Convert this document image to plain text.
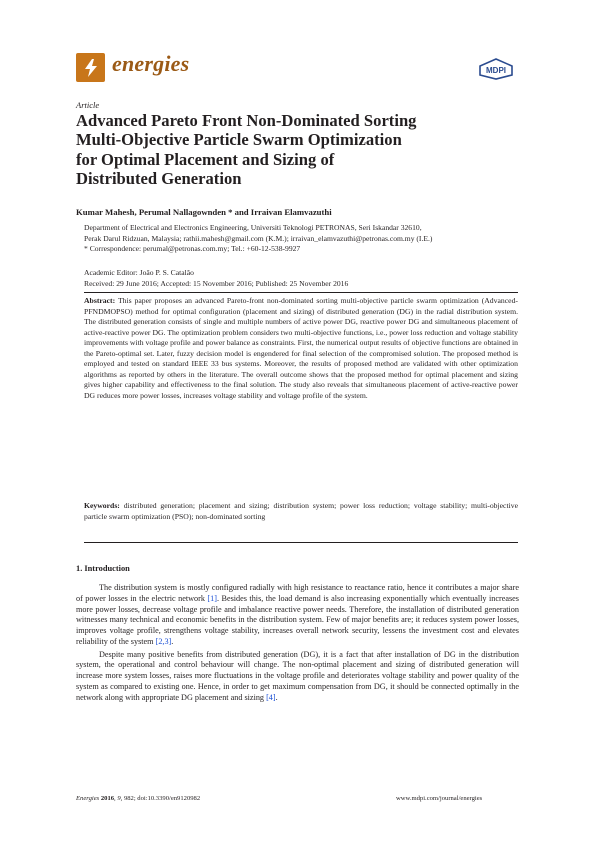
energies	MDPI
Article
Advanced Pareto Front Non-Dominated Sorting
Multi-Objective Particle Swarm Optimization
for Optimal Placement and Sizing of
Distributed Generation
Kumar Mahesh, Perumal Nallagownden * and Irraivan Elamvazuthi
Department of Electrical and Electronics Engineering, Universiti Teknologi PETRONAS, Seri Iskandar 32610,
Perak Darul Ridzuan, Malaysia; rathii.mahesh@gmail.com (K.M.); irraivan_elamvazuthi@petronas.com.my (I.E.)
* Correspondence: perumal@petronas.com.my; Tel.: +60-12-538-9927
Academic Editor: João P. S. Catalão
Received: 29 June 2016; Accepted: 15 November 2016; Published: 25 November 2016
Abstract: This paper proposes an advanced Pareto-front non-dominated sorting multi-objective particle swarm optimization (Advanced-PFNDMOPSO) method for optimal configuration (placement and sizing) of distributed generation (DG) in the radial distribution system. The distributed generation consists of single and multiple numbers of active power DG, reactive power DG and simultaneous placement of active-reactive power DG. The optimization problem considers two multi-objective functions, i.e., power loss reduction and voltage stability improvements with voltage profile and power balance as constraints. First, the numerical output results of objective functions are obtained in the Pareto-optimal set. Later, fuzzy decision model is engendered for final selection of the compromised solution. The proposed method is employed and tested on standard IEEE 33 bus systems. Moreover, the results of proposed method are validated with other optimization algorithms as reported by others in the literature. The overall outcome shows that the proposed method for optimal placement and sizing gives higher capability and effectiveness to the final solution. The study also reveals that simultaneous placement of active-reactive power DG reduces more power losses, increases voltage stability and voltage profile of the system.
Keywords: distributed generation; placement and sizing; distribution system; power loss reduction; voltage stability; multi-objective particle swarm optimization (PSO); non-dominated sorting
1. Introduction

The distribution system is mostly configured radially with high resistance to reactance ratio, hence it contributes a major share of power losses in the electric network [1]. Besides this, the load demand is also increasing exponentially which eventually increases more power losses, decrease voltage profile and imbalance reactive power needs. Therefore, the installation of distributed generation witnesses many technical and economic benefits in the distribution system. Few of major benefits are; it reduces system power losses, improves voltage profile, strengthens voltage stability, increases overall network security, lessens the investment cost and elevates reliability of the system [2,3].

Despite many positive benefits from distributed generation (DG), it is a fact that after installation of DG in the distribution system, the operational and control behaviour will change. The non-optimal placement and sizing of distributed generation will increase more system losses, raises more fluctuations in the voltage profile and deteriorates voltage stability and power quality of the system as compared to existing one. Hence, in order to get maximum compensation from DG, it should be connected optimally in the network along with appropriate DG placement and sizing [4].

Energies 2016, 9, 982; doi:10.3390/en9120982	www.mdpi.com/journal/energies
